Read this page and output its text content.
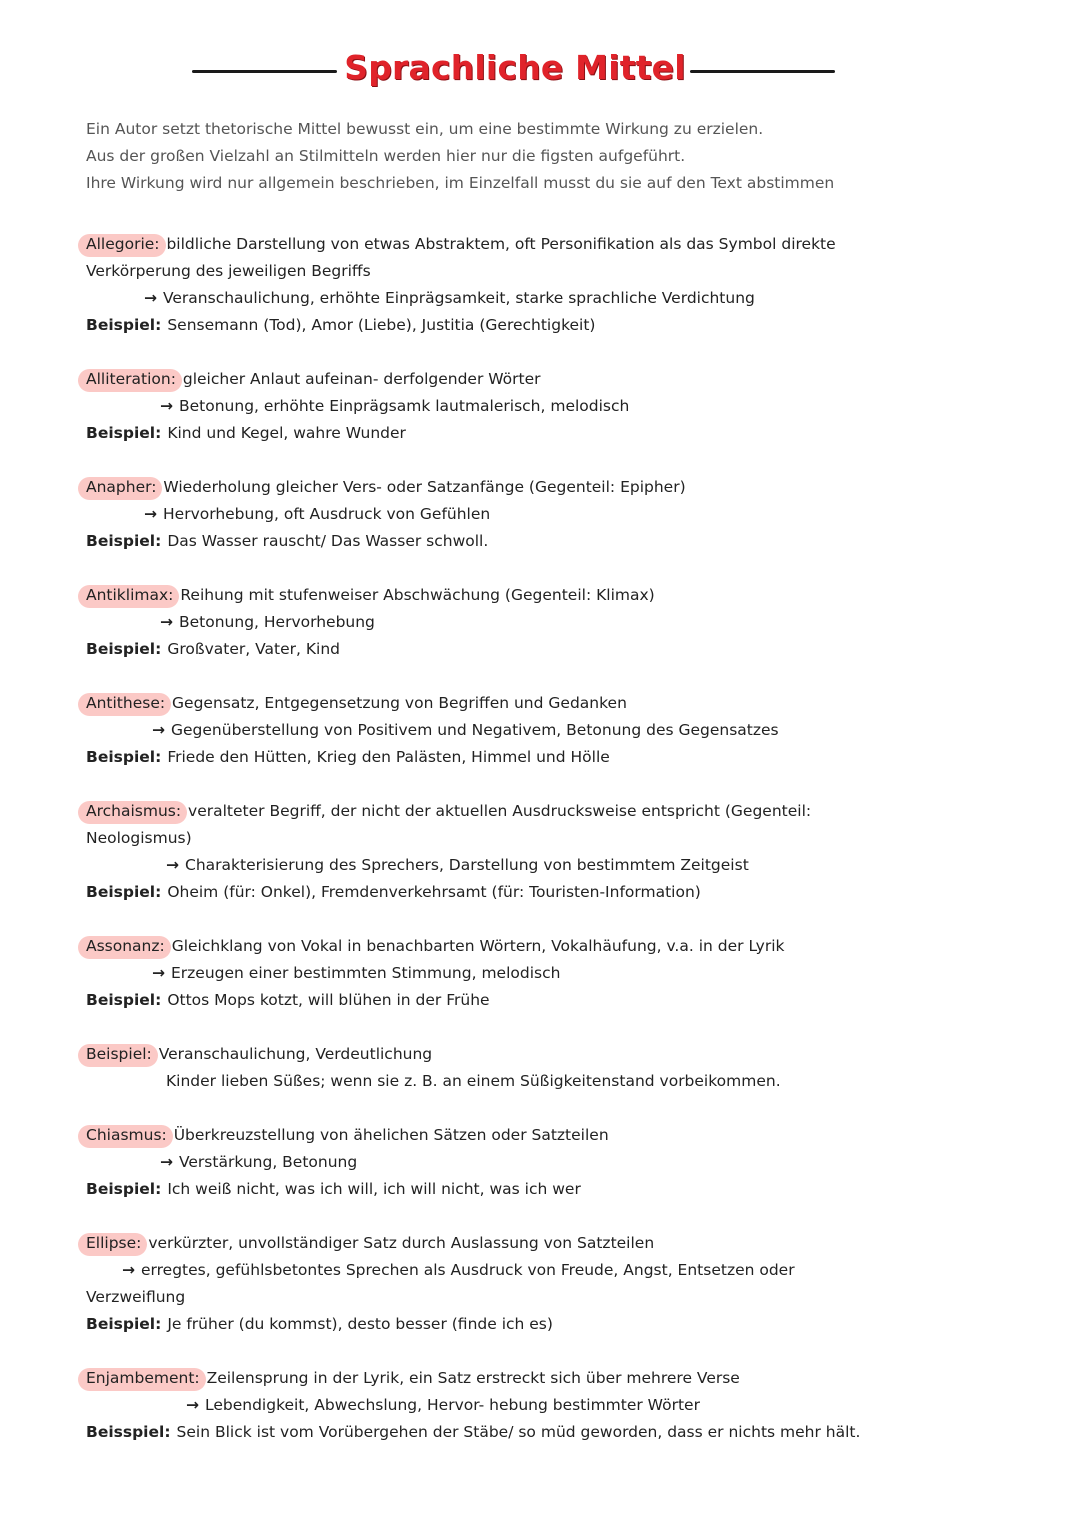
Sprachliche Mittel

Ein Autor setzt thetorische Mittel bewusst ein, um eine bestimmte Wirkung zu erzielen.

Aus der großen Vielzahl an Stilmitteln werden hier nur die figsten aufgeführt.

Ihre Wirkung wird nur allgemein beschrieben, im Einzelfall musst du sie auf den Text abstimmen

Allegorie: bildliche Darstellung von etwas Abstraktem, oft Personifikation als das Symbol direkte

Verkörperung des jeweiligen Begriffs

→ Veranschaulichung, erhöhte Einprägsamkeit, starke sprachliche Verdichtung

Beispiel: Sensemann (Tod), Amor (Liebe), Justitia (Gerechtigkeit)

Alliteration: gleicher Anlaut aufeinan- derfolgender Wörter

→ Betonung, erhöhte Einprägsamk lautmalerisch, melodisch

Beispiel: Kind und Kegel, wahre Wunder

Anapher: Wiederholung gleicher Vers- oder Satzanfänge (Gegenteil: Epipher)

→ Hervorhebung, oft Ausdruck von Gefühlen

Beispiel: Das Wasser rauscht/ Das Wasser schwoll.

Antiklimax: Reihung mit stufenweiser Abschwächung (Gegenteil: Klimax)

→ Betonung, Hervorhebung

Beispiel: Großvater, Vater, Kind

Antithese: Gegensatz, Entgegensetzung von Begriffen und Gedanken

→ Gegenüberstellung von Positivem und Negativem, Betonung des Gegensatzes

Beispiel: Friede den Hütten, Krieg den Palästen, Himmel und Hölle

Archaismus: veralteter Begriff, der nicht der aktuellen Ausdrucksweise entspricht (Gegenteil:

Neologismus)

→ Charakterisierung des Sprechers, Darstellung von bestimmtem Zeitgeist

Beispiel: Oheim (für: Onkel), Fremdenverkehrsamt (für: Touristen-Information)

Assonanz: Gleichklang von Vokal in benachbarten Wörtern, Vokalhäufung, v.a. in der Lyrik

→ Erzeugen einer bestimmten Stimmung, melodisch

Beispiel: Ottos Mops kotzt, will blühen in der Frühe

Beispiel: Veranschaulichung, Verdeutlichung

Kinder lieben Süßes; wenn sie z. B. an einem Süßigkeitenstand vorbeikommen.

Chiasmus: Überkreuzstellung von ähelichen Sätzen oder Satzteilen

→ Verstärkung, Betonung

Beispiel: Ich weiß nicht, was ich will, ich will nicht, was ich wer

Ellipse: verkürzter, unvollständiger Satz durch Auslassung von Satzteilen

→ erregtes, gefühlsbetontes Sprechen als Ausdruck von Freude, Angst, Entsetzen oder

Verzweiflung

Beispiel: Je früher (du kommst), desto besser (finde ich es)

Enjambement: Zeilensprung in der Lyrik, ein Satz erstreckt sich über mehrere Verse

→ Lebendigkeit, Abwechslung, Hervor- hebung bestimmter Wörter

Beisspiel: Sein Blick ist vom Vorübergehen der Stäbe/ so müd geworden, dass er nichts mehr hält.
